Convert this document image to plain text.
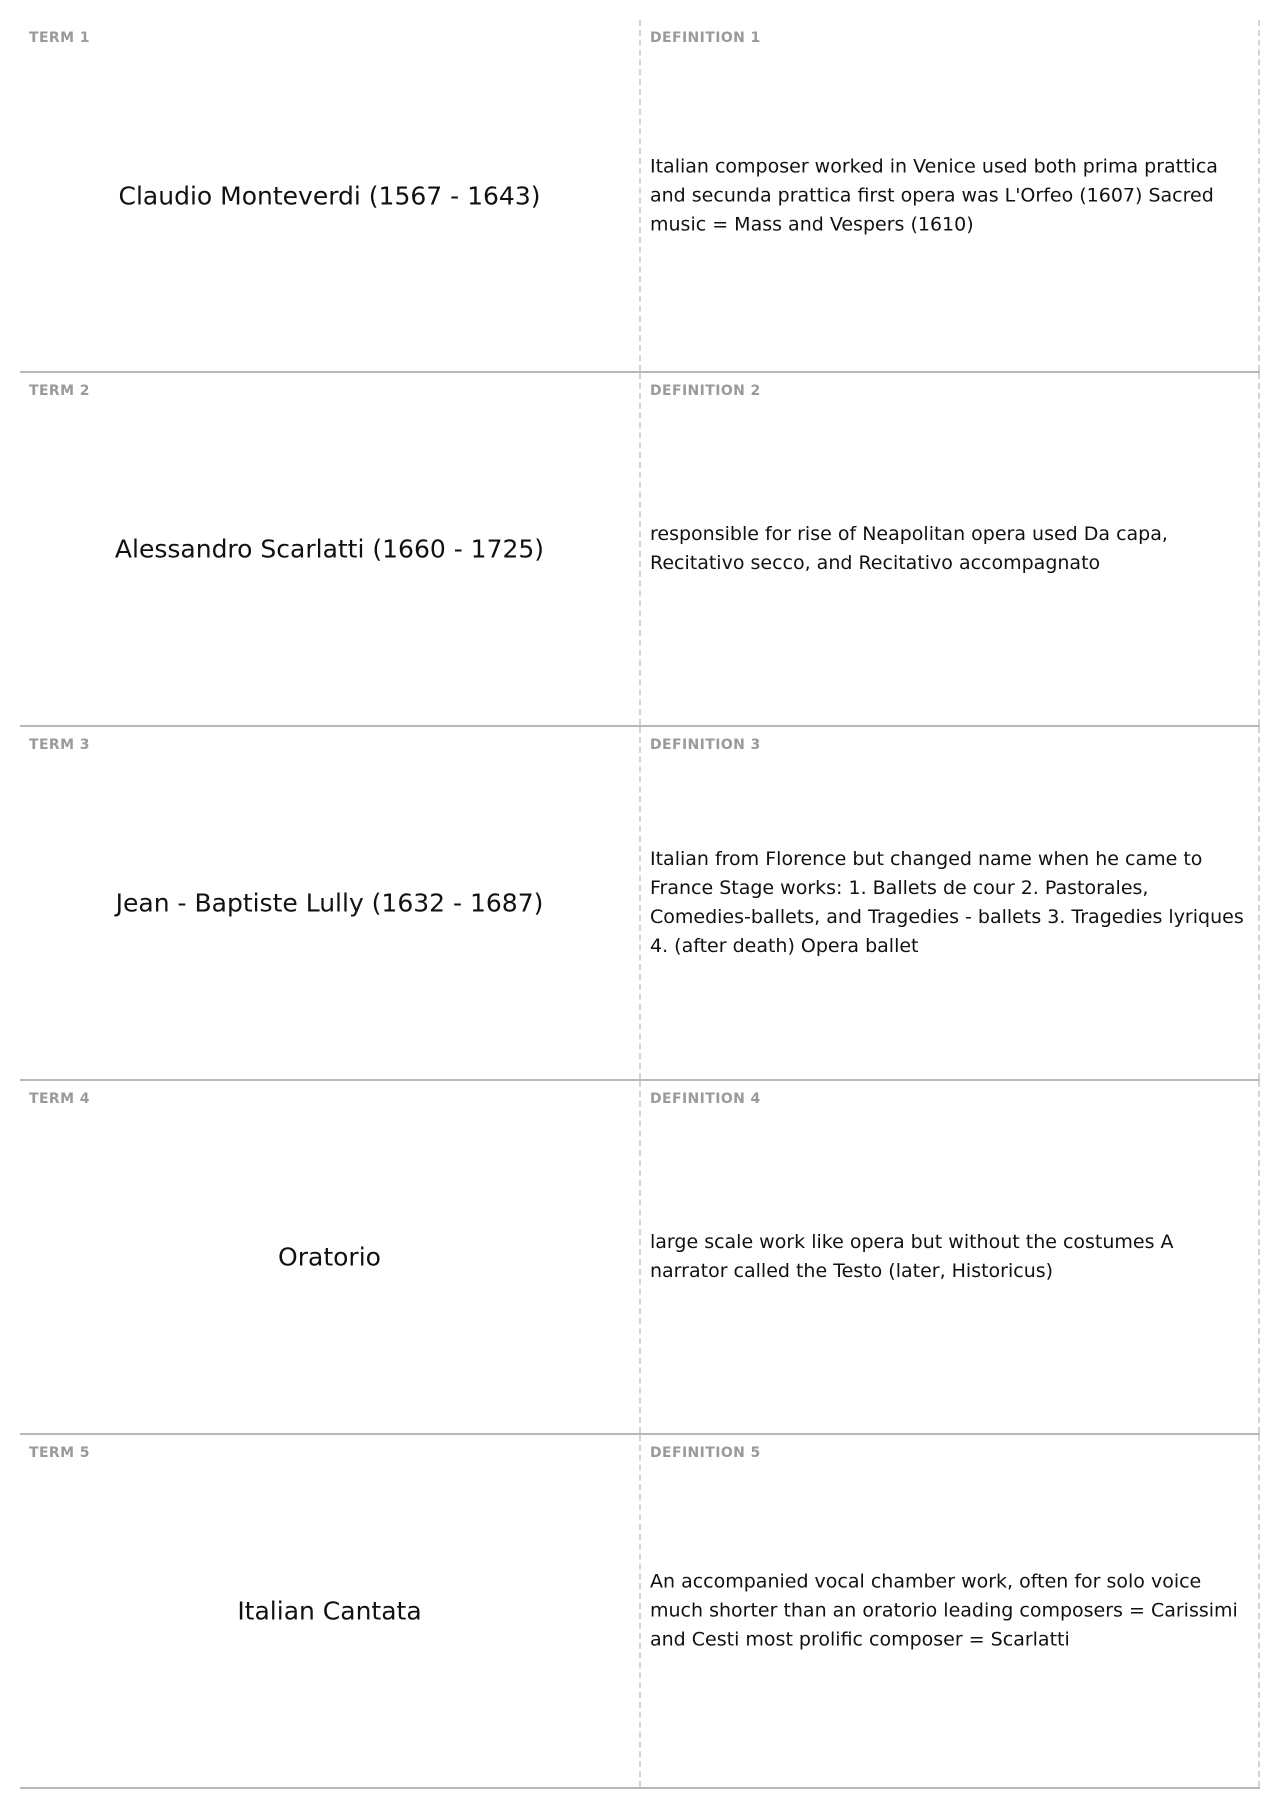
TERM 1
Claudio Monteverdi (1567 - 1643)
DEFINITION 1
Italian composer worked in Venice used both prima prattica and secunda prattica first opera was L'Orfeo (1607) Sacred music = Mass and Vespers (1610)
TERM 2
Alessandro Scarlatti (1660 - 1725)
DEFINITION 2
responsible for rise of Neapolitan opera used Da capa, Recitativo secco, and Recitativo accompagnato
TERM 3
Jean - Baptiste Lully (1632 - 1687)
DEFINITION 3
Italian from Florence but changed name when he came to France Stage works: 1. Ballets de cour 2. Pastorales, Comedies-ballets, and Tragedies - ballets 3. Tragedies lyriques 4. (after death) Opera ballet
TERM 4
Oratorio
DEFINITION 4
large scale work like opera but without the costumes A narrator called the Testo (later, Historicus)
TERM 5
Italian Cantata
DEFINITION 5
An accompanied vocal chamber work, often for solo voice much shorter than an oratorio leading composers = Carissimi and Cesti most prolific composer = Scarlatti
